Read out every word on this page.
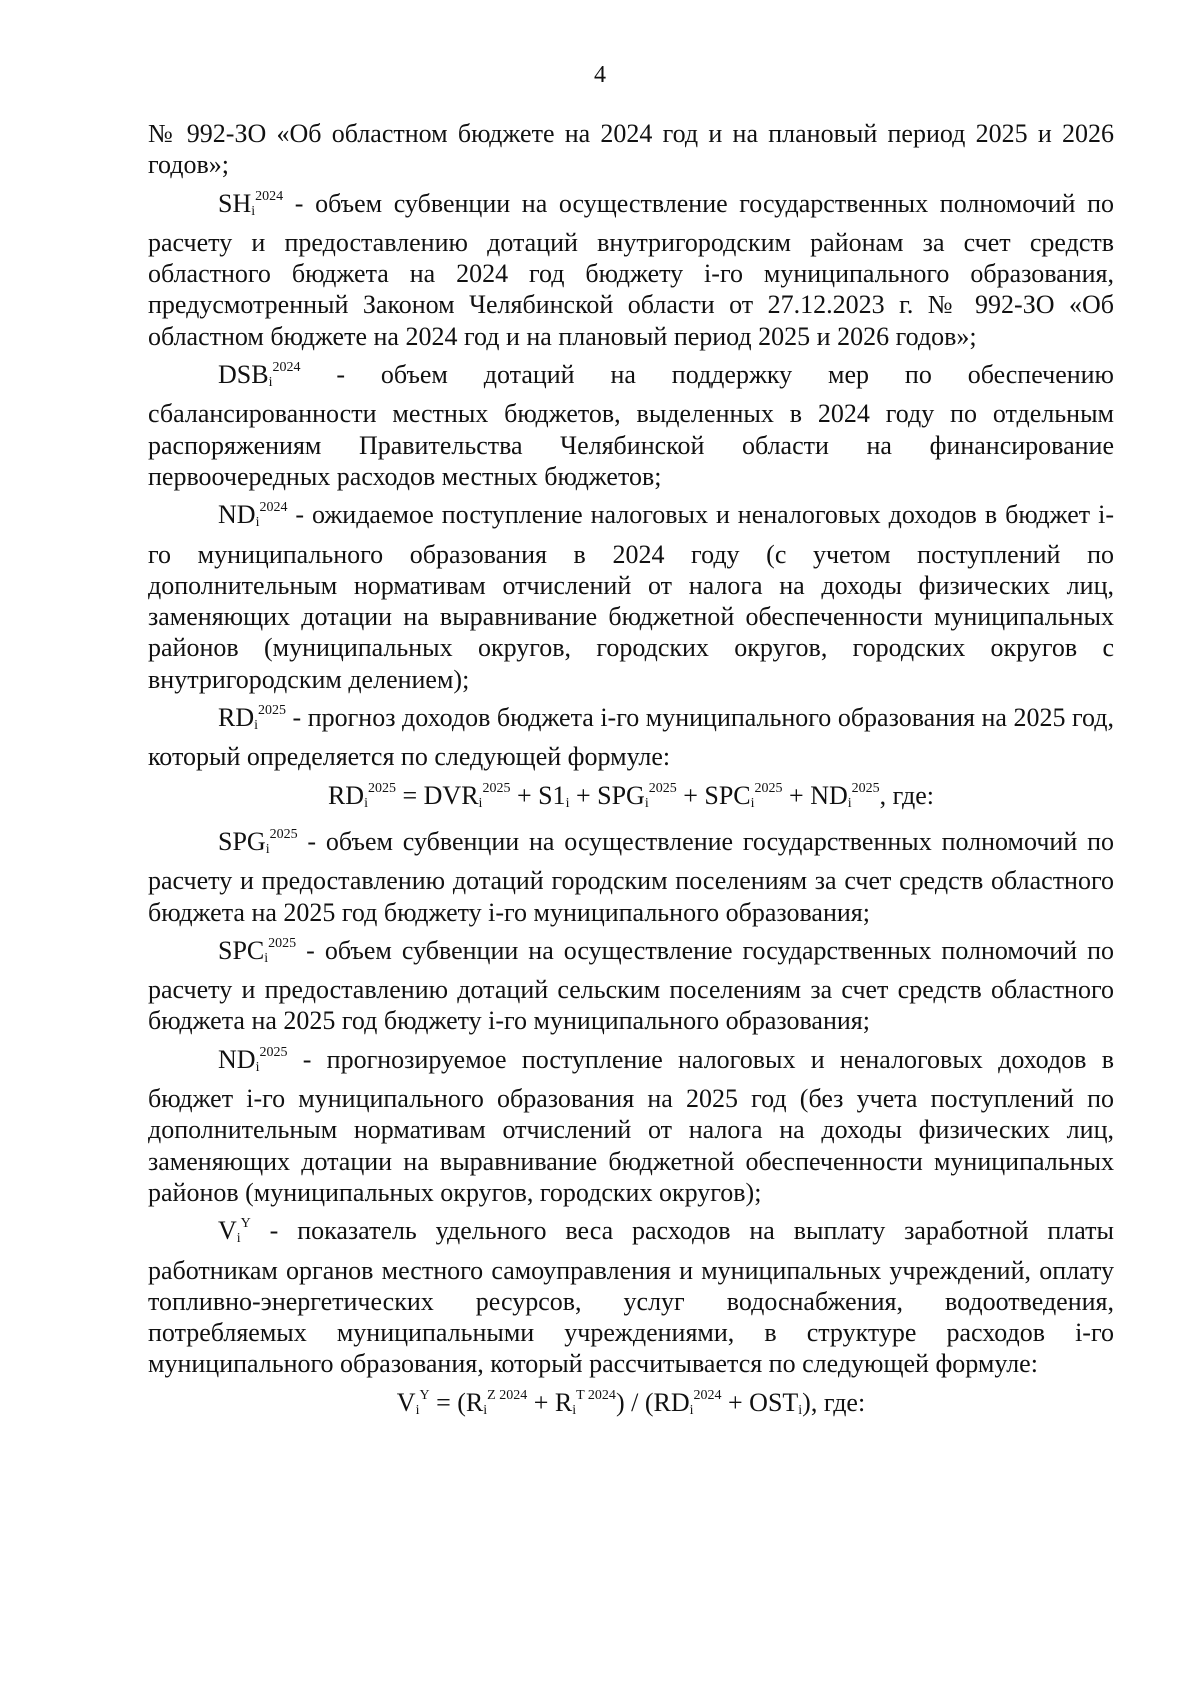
4

№ 992-ЗО «Об областном бюджете на 2024 год и на плановый период 2025 и 2026 годов»;

$SH_i^{2024}$ - объем субвенции на осуществление государственных полномочий по расчету и предоставлению дотаций внутригородским районам за счет средств областного бюджета на 2024 год бюджету i-го муниципального образования, предусмотренный Законом Челябинской области от 27.12.2023 г. № 992-ЗО «Об областном бюджете на 2024 год и на плановый период 2025 и 2026 годов»;

$DSB_i^{2024}$ - объем дотаций на поддержку мер по обеспечению сбалансированности местных бюджетов, выделенных в 2024 году по отдельным распоряжениям Правительства Челябинской области на финансирование первоочередных расходов местных бюджетов;

$ND_i^{2024}$ - ожидаемое поступление налоговых и неналоговых доходов в бюджет i-го муниципального образования в 2024 году (с учетом поступлений по дополнительным нормативам отчислений от налога на доходы физических лиц, заменяющих дотации на выравнивание бюджетной обеспеченности муниципальных районов (муниципальных округов, городских округов, городских округов с внутригородским делением);

$RD_i^{2025}$ - прогноз доходов бюджета i-го муниципального образования на 2025 год, который определяется по следующей формуле:

$RD_i^{2025} = DVR_i^{2025} + S1_i + SPG_i^{2025} + SPC_i^{2025} + ND_i^{2025}$, где:

$SPG_i^{2025}$ - объем субвенции на осуществление государственных полномочий по расчету и предоставлению дотаций городским поселениям за счет средств областного бюджета на 2025 год бюджету i-го муниципального образования;

$SPC_i^{2025}$ - объем субвенции на осуществление государственных полномочий по расчету и предоставлению дотаций сельским поселениям за счет средств областного бюджета на 2025 год бюджету i-го муниципального образования;

$ND_i^{2025}$ - прогнозируемое поступление налоговых и неналоговых доходов в бюджет i-го муниципального образования на 2025 год (без учета поступлений по дополнительным нормативам отчислений от налога на доходы физических лиц, заменяющих дотации на выравнивание бюджетной обеспеченности муниципальных районов (муниципальных округов, городских округов);

$V_i^Y$ - показатель удельного веса расходов на выплату заработной платы работникам органов местного самоуправления и муниципальных учреждений, оплату топливно-энергетических ресурсов, услуг водоснабжения, водоотведения, потребляемых муниципальными учреждениями, в структуре расходов i-го муниципального образования, который рассчитывается по следующей формуле:

$V_i^Y = (R_i^{Z 2024} + R_i^{T 2024}) / (RD_i^{2024} + OST_i)$, где:
